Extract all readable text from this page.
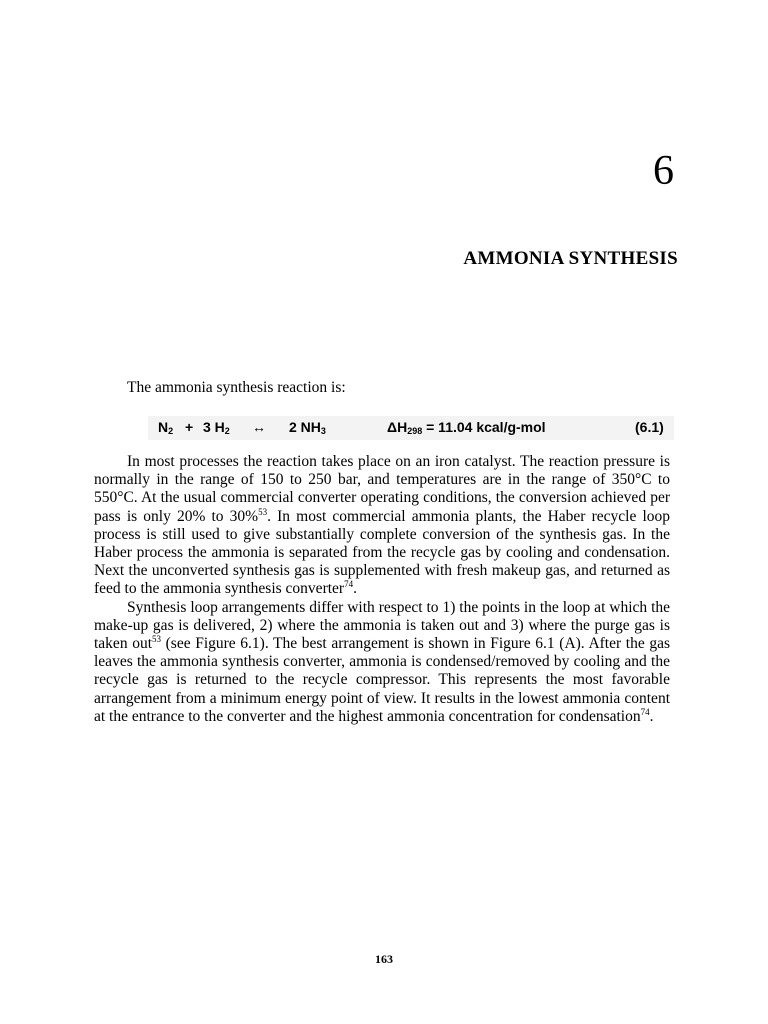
6
AMMONIA SYNTHESIS
The ammonia synthesis reaction is:
$N_2 + 3$ $H_2$ ↔ 2 $NH_3$	$\Delta H_{298} = 11.04$ kcal/g-mol	(6.1)

In most processes the reaction takes place on an iron catalyst. The reaction pressure is normally in the range of 150 to 250 bar, and temperatures are in the range of 350°C to 550°C. At the usual commercial converter operating conditions, the conversion achieved per pass is only 20% to 30%$^{53}$. In most commercial ammonia plants, the Haber recycle loop process is still used to give substantially complete conversion of the synthesis gas. In the Haber process the ammonia is separated from the recycle gas by cooling and condensation. Next the unconverted synthesis gas is supplemented with fresh makeup gas, and returned as feed to the ammonia synthesis converter$^{74}$.

Synthesis loop arrangements differ with respect to 1) the points in the loop at which the make-up gas is delivered, 2) where the ammonia is taken out and 3) where the purge gas is taken out$^{53}$ (see Figure 6.1). The best arrangement is shown in Figure 6.1 (A). After the gas leaves the ammonia synthesis converter, ammonia is condensed/removed by cooling and the recycle gas is returned to the recycle compressor. This represents the most favorable arrangement from a minimum energy point of view. It results in the lowest ammonia content at the entrance to the converter and the highest ammonia concentration for condensation$^{74}$.

163
